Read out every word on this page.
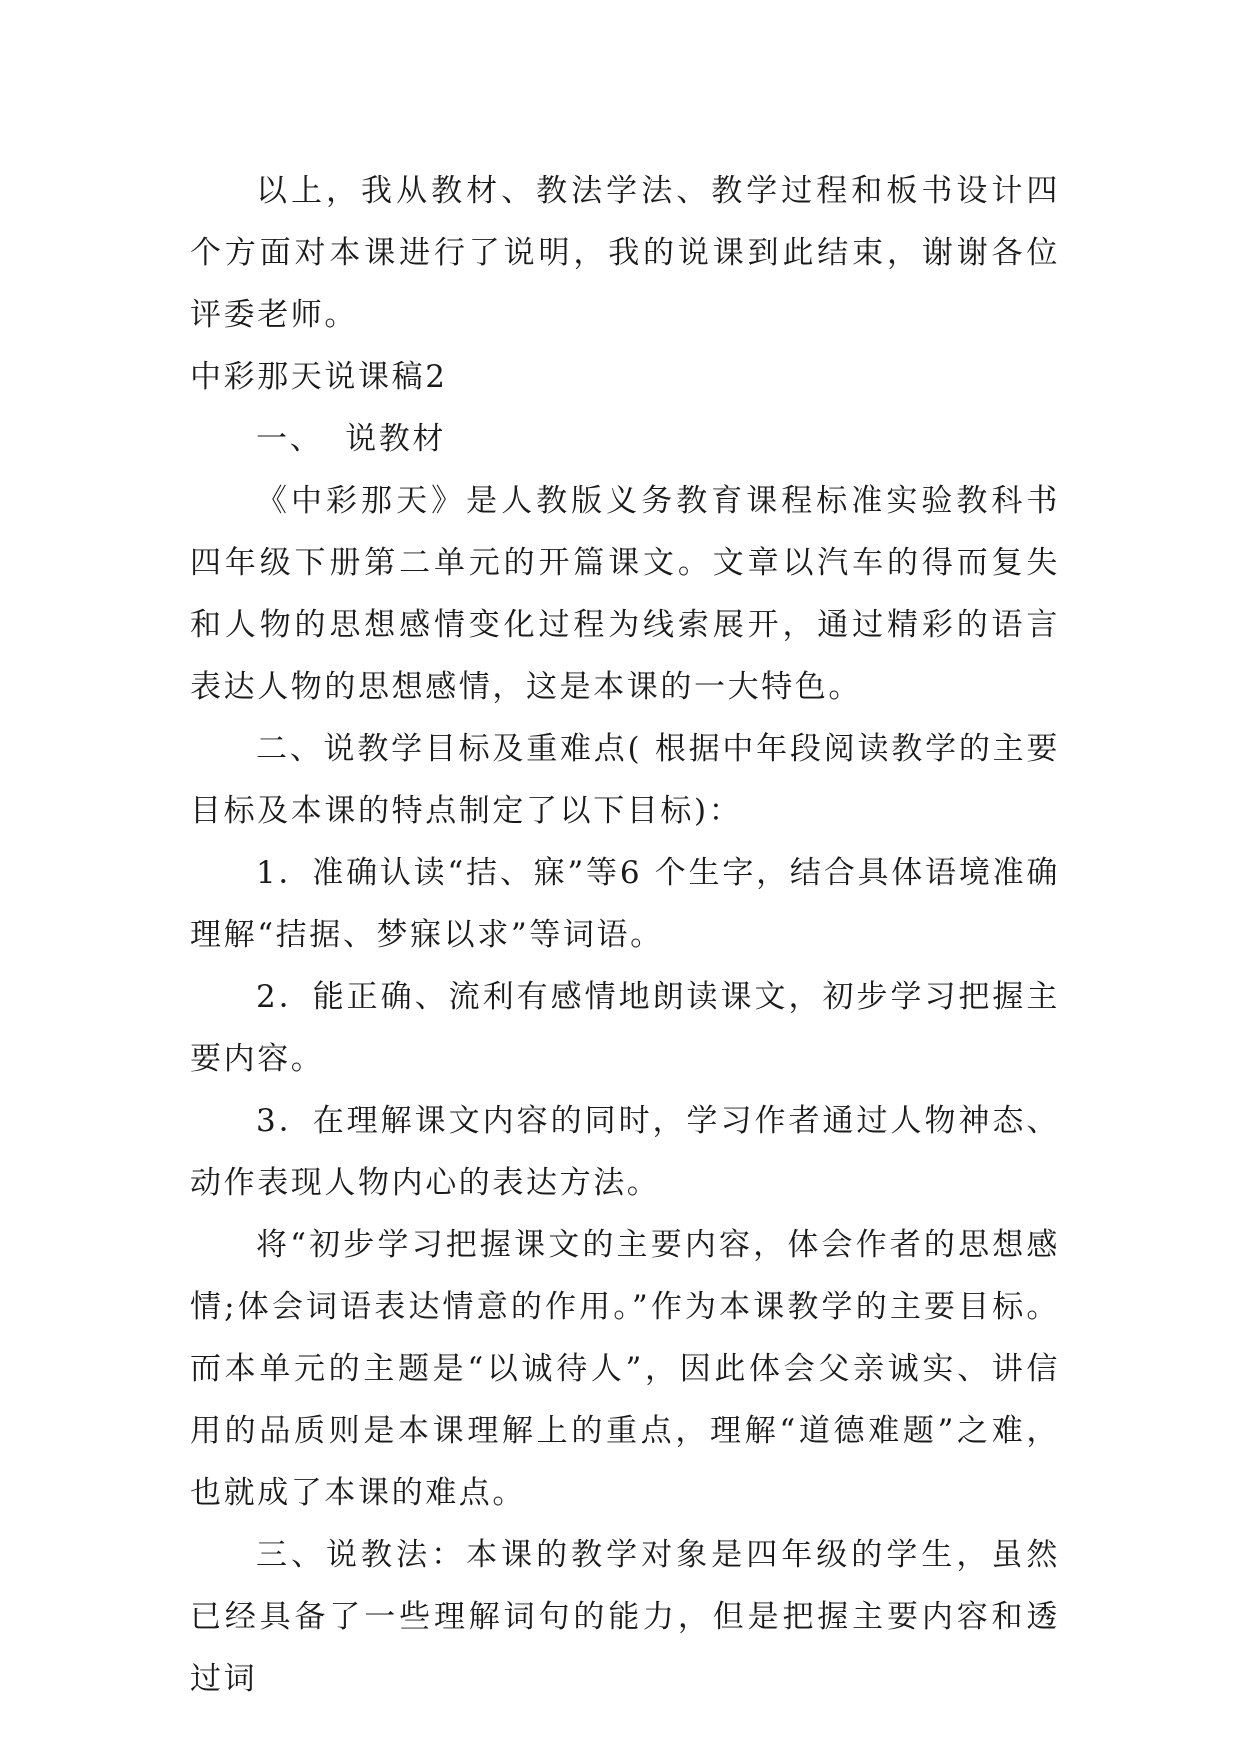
以上，我从教材、教法学法、教学过程和板书设计四个方面对本课进行了说明，我的说课到此结束，谢谢各位评委老师。

中彩那天说课稿2

一、 说教材

《中彩那天》是人教版义务教育课程标准实验教科书四年级下册第二单元的开篇课文。文章以汽车的得而复失和人物的思想感情变化过程为线索展开，通过精彩的语言表达人物的思想感情，这是本课的一大特色。

二、说教学目标及重难点( 根据中年段阅读教学的主要目标及本课的特点制定了以下目标)：

1．准确认读“拮、寐”等6 个生字，结合具体语境准确理解“拮据、梦寐以求”等词语。

2．能正确、流利有感情地朗读课文，初步学习把握主要内容。

3．在理解课文内容的同时，学习作者通过人物神态、动作表现人物内心的表达方法。

将“初步学习把握课文的主要内容，体会作者的思想感情;体会词语表达情意的作用。”作为本课教学的主要目标。而本单元的主题是“以诚待人”，因此体会父亲诚实、讲信用的品质则是本课理解上的重点，理解“道德难题”之难，也就成了本课的难点。

三、说教法：本课的教学对象是四年级的学生，虽然已经具备了一些理解词句的能力，但是把握主要内容和透过词
